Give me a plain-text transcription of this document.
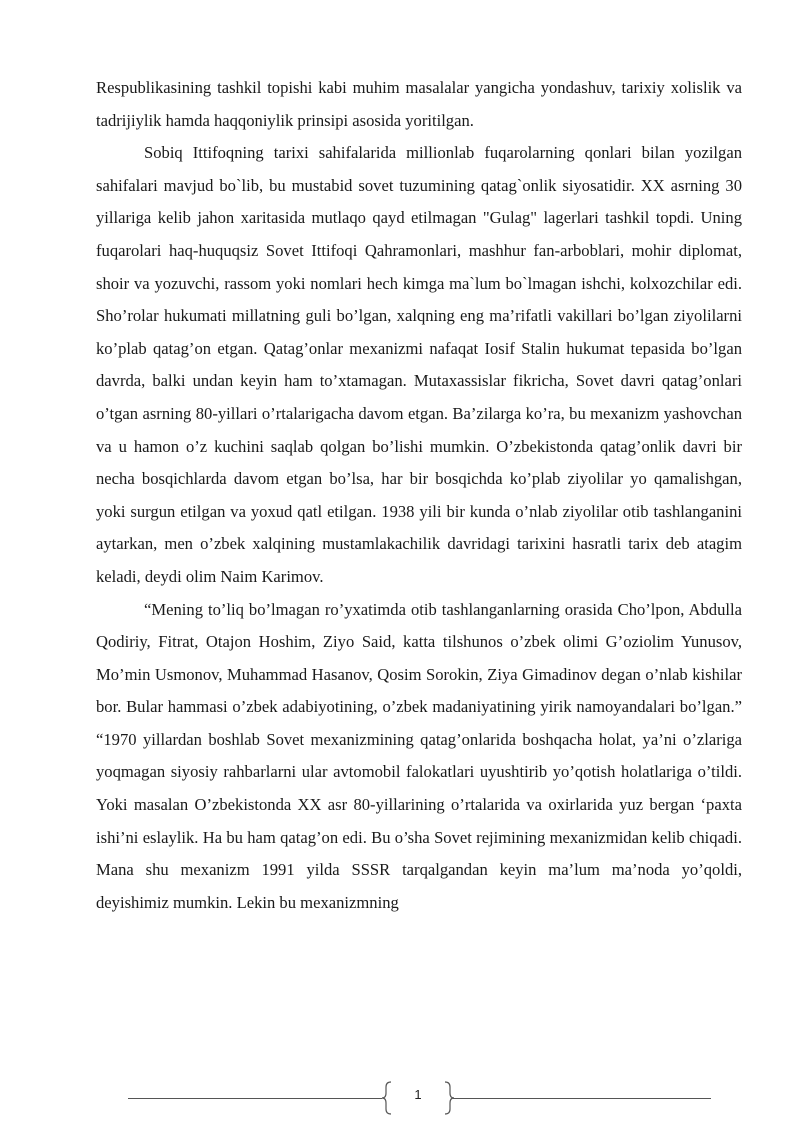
Respublikasining tashkil topishi kabi muhim masalalar yangicha yondashuv, tarixiy xolislik va tadrijiylik hamda haqqoniylik prinsipi asosida yoritilgan.

Sobiq Ittifoqning tarixi sahifalarida millionlab fuqarolarning qonlari bilan yozilgan sahifalari mavjud bo`lib, bu mustabid sovet tuzumining qatag`onlik siyosatidir. XX asrning 30 yillariga kelib jahon xaritasida mutlaqo qayd etilmagan "Gulag" lagerlari tashkil topdi. Uning fuqarolari haq-huquqsiz Sovet Ittifoqi Qahramonlari, mashhur fan-arboblari, mohir diplomat, shoir va yozuvchi, rassom yoki nomlari hech kimga ma`lum bo`lmagan ishchi, kolxozchilar edi. Sho’rolar hukumati millatning guli bo’lgan, xalqning eng ma’rifatli vakillari bo’lgan ziyolilarni ko’plab qatag’on etgan. Qatag’onlar mexanizmi nafaqat Iosif Stalin hukumat tepasida bo’lgan davrda, balki undan keyin ham to’xtamagan. Mutaxassislar fikricha, Sovet davri qatag’onlari o’tgan asrning 80-yillari o’rtalarigacha davom etgan. Ba’zilarga ko’ra, bu mexanizm yashovchan va u hamon o’z kuchini saqlab qolgan bo’lishi mumkin. O’zbekistonda qatag’onlik davri bir necha bosqichlarda davom etgan bo’lsa, har bir bosqichda ko’plab ziyolilar yo qamalishgan, yoki surgun etilgan va yoxud qatl etilgan. 1938 yili bir kunda o’nlab ziyolilar otib tashlanganini aytarkan, men o’zbek xalqining mustamlakachilik davridagi tarixini hasratli tarix deb atagim keladi, deydi olim Naim Karimov.

“Mening to’liq bo’lmagan ro’yxatimda otib tashlanganlarning orasida Cho’lpon, Abdulla Qodiriy, Fitrat, Otajon Hoshim, Ziyo Said, katta tilshunos o’zbek olimi G’oziolim Yunusov, Mo’min Usmonov, Muhammad Hasanov, Qosim Sorokin, Ziya Gimadinov degan o’nlab kishilar bor. Bular hammasi o’zbek adabiyotining, o’zbek madaniyatining yirik namoyandalari bo’lgan.” “1970 yillardan boshlab Sovet mexanizmining qatag’onlarida boshqacha holat, ya’ni o’zlariga yoqmagan siyosiy rahbarlarni ular avtomobil falokatlari uyushtirib yo’qotish holatlariga o’tildi. Yoki masalan O’zbekistonda XX asr 80-yillarining o’rtalarida va oxirlarida yuz bergan ‘paxta ishi’ni eslaylik. Ha bu ham qatag’on edi. Bu o’sha Sovet rejimining mexanizmidan kelib chiqadi. Mana shu mexanizm 1991 yilda SSSR tarqalgandan keyin ma’lum ma’noda yo’qoldi, deyishimiz mumkin. Lekin bu mexanizmning

1
